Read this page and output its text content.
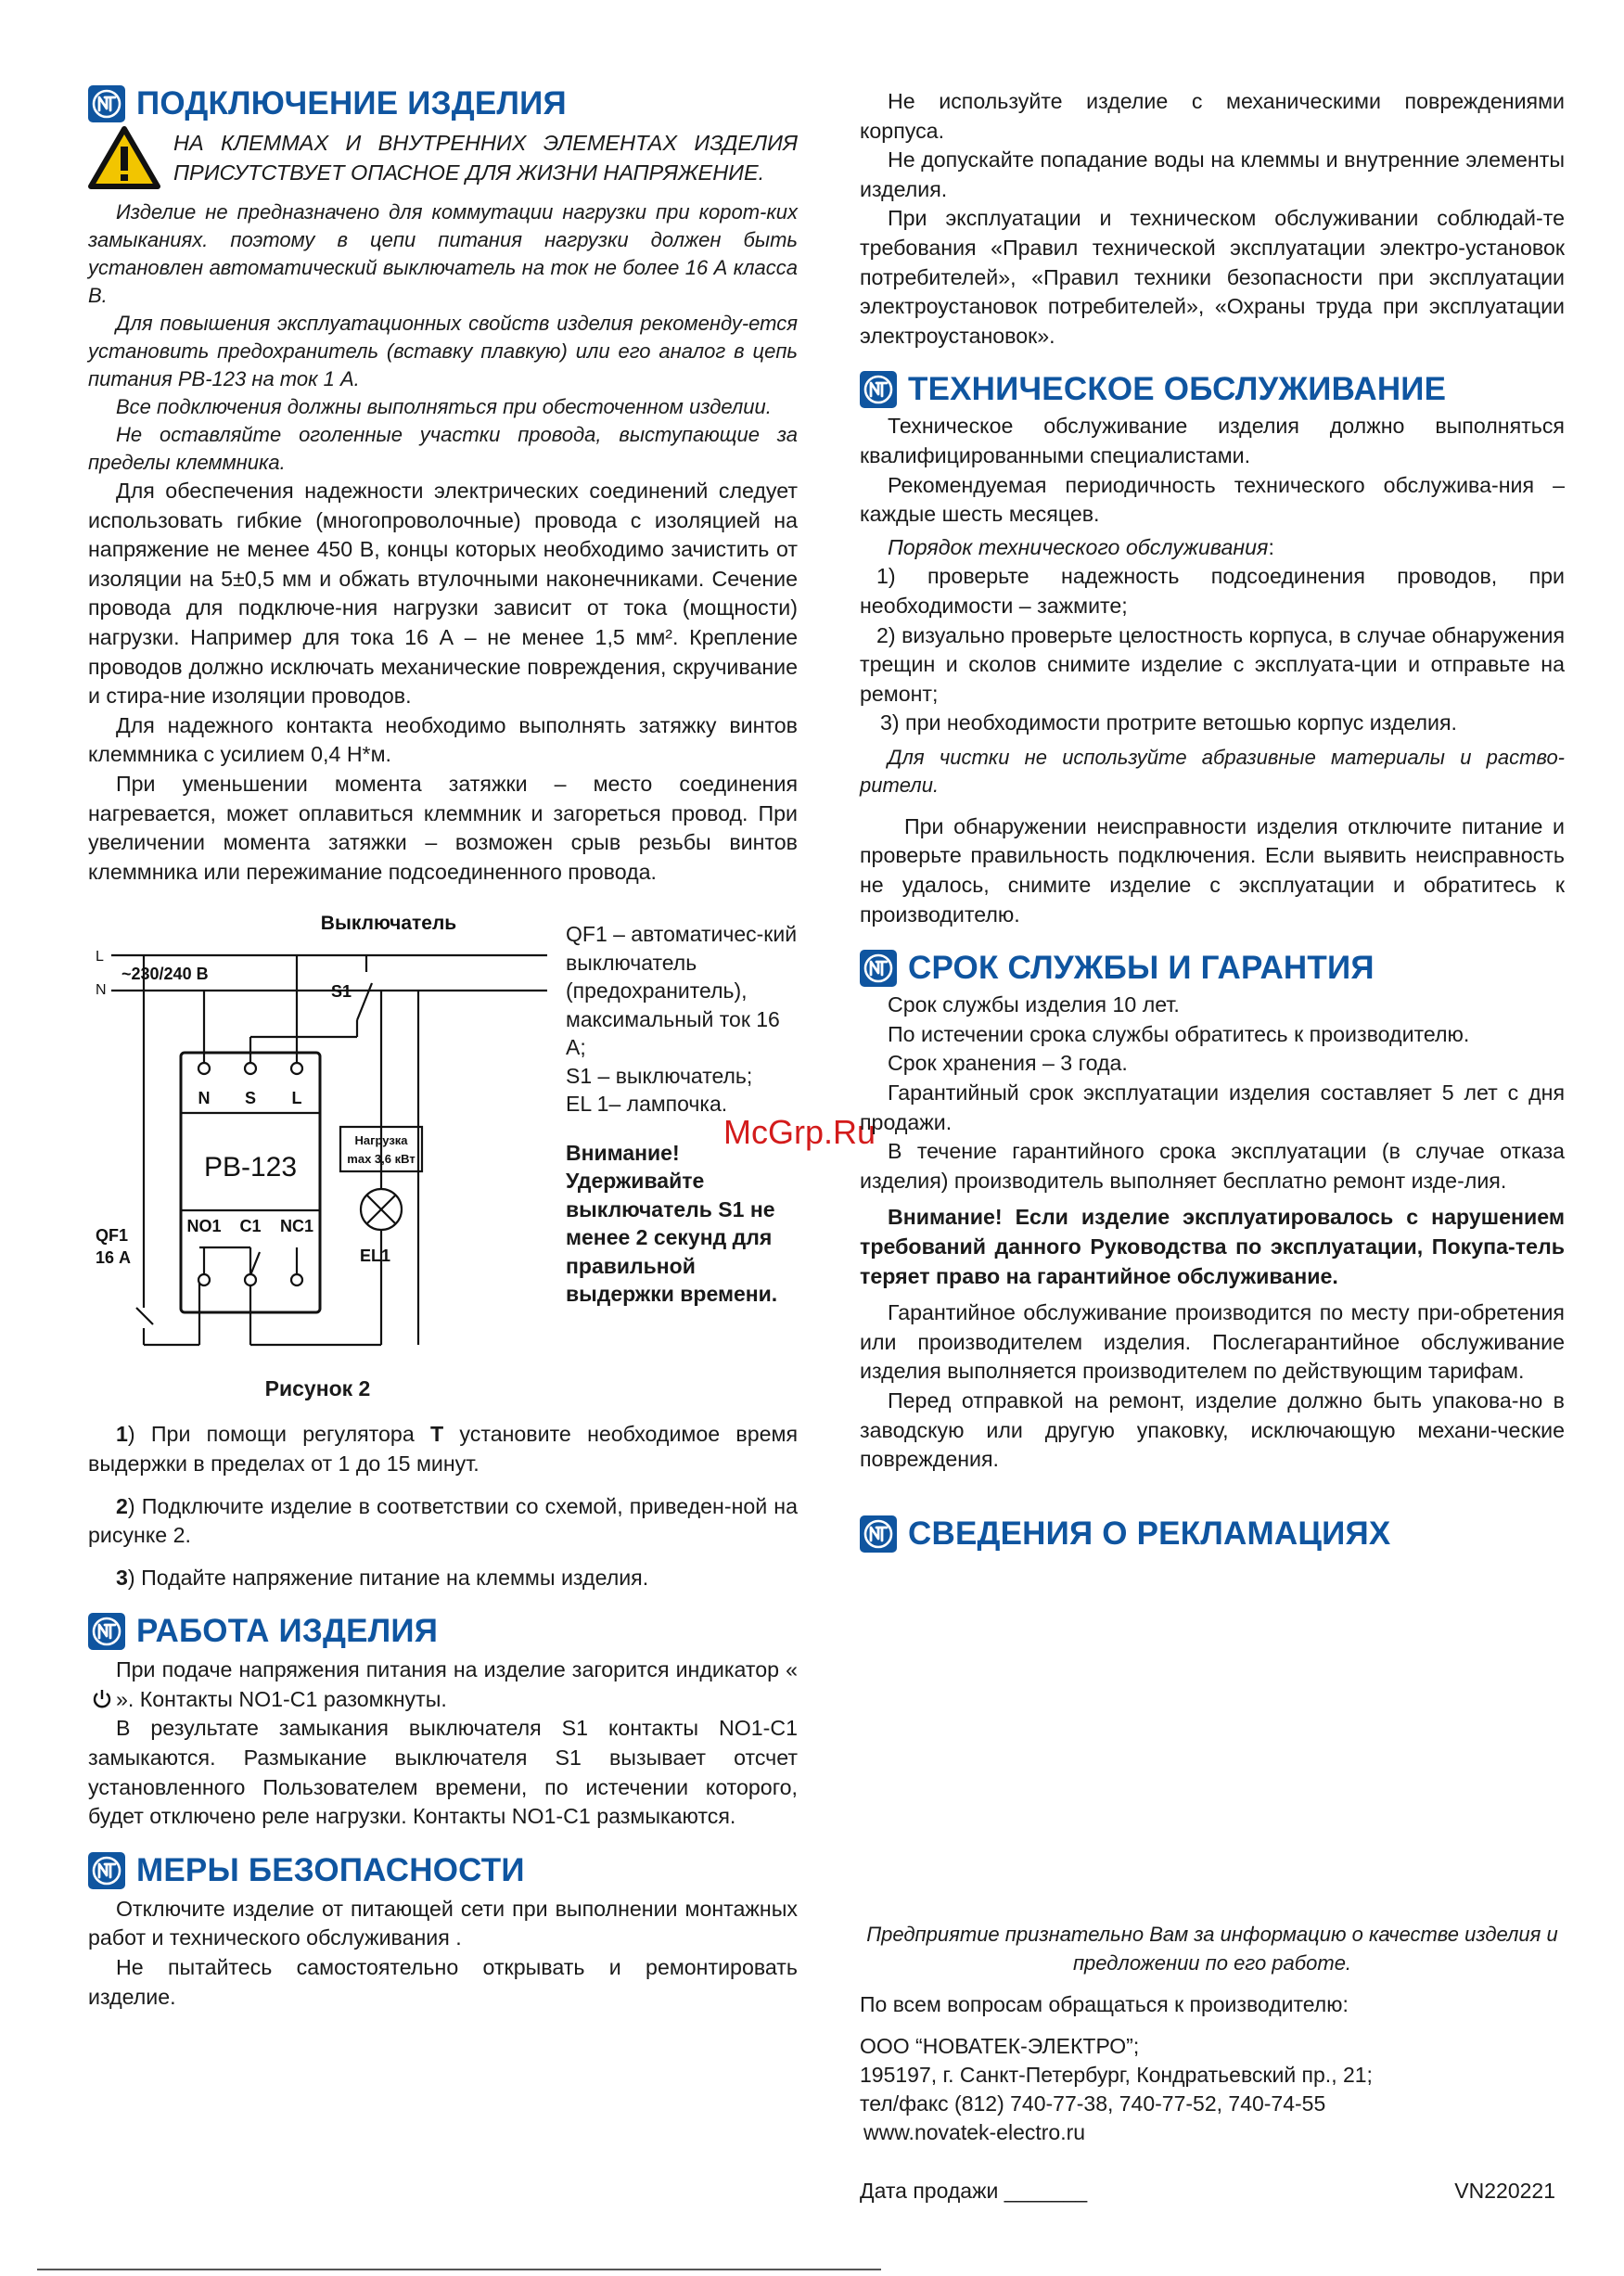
McGrp.Ru
ПОДКЛЮЧЕНИЕ ИЗДЕЛИЯ
НА КЛЕММАХ И ВНУТРЕННИХ ЭЛЕМЕНТАХ ИЗДЕЛИЯ ПРИСУТСТВУЕТ ОПАСНОЕ ДЛЯ ЖИЗНИ НАПРЯЖЕНИЕ.

Изделие не предназначено для коммутации нагрузки при корот-ких замыканиях. поэтому в цепи питания нагрузки должен быть установлен автоматический выключатель на ток не более 16 А класса B.

Для повышения эксплуатационных свойств изделия рекоменду-ется установить предохранитель (вставку плавкую) или его аналог в цепь питания РВ-123 на ток 1 А.

Все подключения должны выполняться при обесточенном изделии.

Не оставляйте оголенные участки провода, выступающие за пределы клеммника.

Для обеспечения надежности электрических соединений следует использовать гибкие (многопроволочные) провода с изоляцией на напряжение не менее 450 В, концы которых необходимо зачистить от изоляции на 5±0,5 мм и обжать втулочными наконечниками. Сечение провода для подключе-ния нагрузки зависит от тока (мощности) нагрузки. Например для тока 16 А – не менее 1,5 мм². Крепление проводов должно исключать механические повреждения, скручивание и стира-ние изоляции проводов.

Для надежного контакта необходимо выполнять затяжку винтов клеммника с усилием 0,4 Н*м.

При уменьшении момента затяжки – место соединения нагревается, может оплавиться клеммник и загореться провод. При увеличении момента затяжки – возможен срыв резьбы винтов клеммника или пережимание подсоединенного провода.

Выключатель
L
N
~230/240 В
QF1
16 А
РВ-123
N S L
S1
Нагрузка
max 3,6 кВт
NO1 C1 NC1
EL1
QF1 – автоматичес-кий выключатель (предохранитель), максимальный ток 16 А;
S1 – выключатель;
EL 1– лампочка.
Внимание! Удерживайте выключатель S1 не менее 2 секунд для правильной выдержки времени.
Рисунок 2

1) При помощи регулятора T установите необходимое время выдержки в пределах от 1 до 15 минут.

2) Подключите изделие в соответствии со схемой, приведен-ной на рисунке 2.

3) Подайте напряжение питание на клеммы изделия.

РАБОТА ИЗДЕЛИЯ

При подаче напряжения питания на изделие загорится индикатор «». Контакты NO1-C1 разомкнуты.

В результате замыкания выключателя S1 контакты NO1-C1 замыкаются. Размыкание выключателя S1 вызывает отсчет установленного Пользователем времени, по истечении которого, будет отключено реле нагрузки. Контакты NO1-C1 размыкаются.

МЕРЫ БЕЗОПАСНОСТИ

Отключите изделие от питающей сети при выполнении монтажных работ и технического обслуживания .

Не пытайтесь самостоятельно открывать и ремонтировать изделие.

Не используйте изделие с механическими повреждениями корпуса.

Не допускайте попадание воды на клеммы и внутренние элементы изделия.

При эксплуатации и техническом обслуживании соблюдай-те требования «Правил технической эксплуатации электро-установок потребителей», «Правил техники безопасности при эксплуатации электроустановок потребителей», «Охраны труда при эксплуатации электроустановок».

ТЕХНИЧЕСКОЕ ОБСЛУЖИВАНИЕ

Техническое обслуживание изделия должно выполняться квалифицированными специалистами.

Рекомендуемая периодичность технического обслужива-ния – каждые шесть месяцев.

Порядок технического обслуживания:

1) проверьте надежность подсоединения проводов, при необходимости – зажмите;

2) визуально проверьте целостность корпуса, в случае обнаружения трещин и сколов снимите изделие с эксплуата-ции и отправьте на ремонт;

3) при необходимости протрите ветошью корпус изделия.

Для чистки не используйте абразивные материалы и раство-рители.

При обнаружении неисправности изделия отключите питание и проверьте правильность подключения. Если выявить неисправность не удалось, снимите изделие с эксплуатации и обратитесь к производителю.

СРОК СЛУЖБЫ И ГАРАНТИЯ

Срок службы изделия 10 лет.

По истечении срока службы обратитесь к производителю.

Срок хранения – 3 года.

Гарантийный срок эксплуатации изделия составляет 5 лет с дня продажи.

В течение гарантийного срока эксплуатации (в случае отказа изделия) производитель выполняет бесплатно ремонт изде-лия.

Внимание! Если изделие эксплуатировалось с нарушением требований данного Руководства по эксплуатации, Покупа-тель теряет право на гарантийное обслуживание.

Гарантийное обслуживание производится по месту при-обретения или производителем изделия. Послегарантийное обслуживание изделия выполняется производителем по действующим тарифам.

Перед отправкой на ремонт, изделие должно быть упакова-но в заводскую или другую упаковку, исключающую механи-ческие повреждения.

СВЕДЕНИЯ О РЕКЛАМАЦИЯХ

Предприятие признательно Вам за информацию о качестве изделия и предложении по его работе.

По всем вопросам обращаться к производителю:

ООО “НОВАТЕК-ЭЛЕКТРО”;

195197, г. Санкт-Петербург, Кондратьевский пр., 21;

тел/факс (812) 740-77-38, 740-77-52, 740-74-55

www.novatek-electro.ru

Дата продажи _______	VN220221
